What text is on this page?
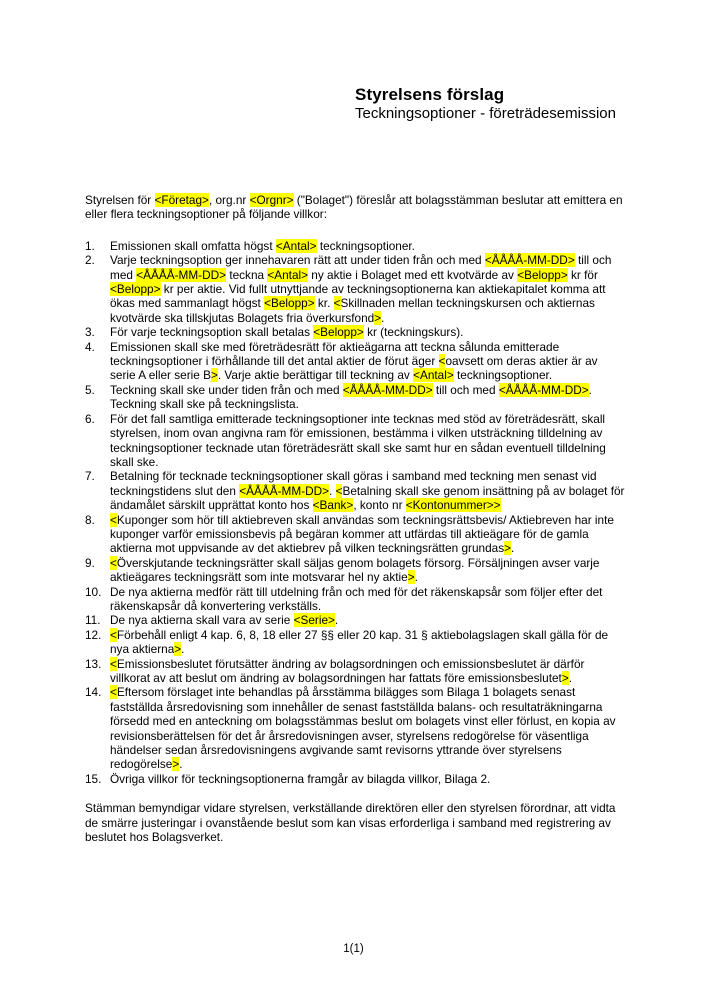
Styrelsens förslag
Teckningsoptioner - företrädesemission

Styrelsen för <Företag>, org.nr <Orgnr> ("Bolaget") föreslår att bolagsstämman beslutar att emittera en eller flera teckningsoptioner på följande villkor:

1.	Emissionen skall omfatta högst <Antal> teckningsoptioner.
2.	Varje teckningsoption ger innehavaren rätt att under tiden från och med <ÅÅÅÅ-MM-DD> till och med <ÅÅÅÅ-MM-DD> teckna <Antal> ny aktie i Bolaget med ett kvotvärde av <Belopp> kr för <Belopp> kr per aktie. Vid fullt utnyttjande av teckningsoptionerna kan aktiekapitalet komma att ökas med sammanlagt högst <Belopp> kr. <Skillnaden mellan teckningskursen och aktiernas kvotvärde ska tillskjutas Bolagets fria överkursfond>.
3.	För varje teckningsoption skall betalas <Belopp> kr (teckningskurs).
4.	Emissionen skall ske med företrädesrätt för aktieägarna att teckna sålunda emitterade teckningsoptioner i förhållande till det antal aktier de förut äger <oavsett om deras aktier är av serie A eller serie B>. Varje aktie berättigar till teckning av <Antal> teckningsoptioner.
5.	Teckning skall ske under tiden från och med <ÅÅÅÅ-MM-DD> till och med <ÅÅÅÅ-MM-DD>. Teckning skall ske på teckningslista.
6.	För det fall samtliga emitterade teckningsoptioner inte tecknas med stöd av företrädesrätt, skall styrelsen, inom ovan angivna ram för emissionen, bestämma i vilken utsträckning tilldelning av teckningsoptioner tecknade utan företrädesrätt skall ske samt hur en sådan eventuell tilldelning skall ske.
7.	Betalning för tecknade teckningsoptioner skall göras i samband med teckning men senast vid teckningstidens slut den <ÅÅÅÅ-MM-DD>. <Betalning skall ske genom insättning på av bolaget för ändamålet särskilt upprättat konto hos <Bank>, konto nr <Kontonummer>>
8.	<Kuponger som hör till aktiebreven skall användas som teckningsrättsbevis/ Aktiebreven har inte kuponger varför emissionsbevis på begäran kommer att utfärdas till aktieägare för de gamla aktierna mot uppvisande av det aktiebrev på vilken teckningsrätten grundas>.
9.	<Överskjutande teckningsrätter skall säljas genom bolagets försorg. Försäljningen avser varje aktieägares teckningsrätt som inte motsvarar hel ny aktie>.
10. De nya aktierna medför rätt till utdelning från och med för det räkenskapsår som följer efter det räkenskapsår då konvertering verkställs.
11. De nya aktierna skall vara av serie <Serie>.
12. <Förbehåll enligt 4 kap. 6, 8, 18 eller 27 §§ eller 20 kap. 31 § aktiebolagslagen skall gälla för de nya aktierna>.
13. <Emissionsbeslutet förutsätter ändring av bolagsordningen och emissionsbeslutet är därför villkorat av att beslut om ändring av bolagsordningen har fattats före emissionsbeslutet>.
14. <Eftersom förslaget inte behandlas på årsstämma bilägges som Bilaga 1 bolagets senast fastställda årsredovisning som innehåller de senast fastställda balans- och resultaträkningarna försedd med en anteckning om bolagsstämmas beslut om bolagets vinst eller förlust, en kopia av revisionsberättelsen för det år årsredovisningen avser, styrelsens redogörelse för väsentliga händelser sedan årsredovisningens avgivande samt revisorns yttrande över styrelsens redogörelse>.
15. Övriga villkor för teckningsoptionerna framgår av bilagda villkor, Bilaga 2.

Stämman bemyndigar vidare styrelsen, verkställande direktören eller den styrelsen förordnar, att vidta de smärre justeringar i ovanstående beslut som kan visas erforderliga i samband med registrering av beslutet hos Bolagsverket.

1(1)
